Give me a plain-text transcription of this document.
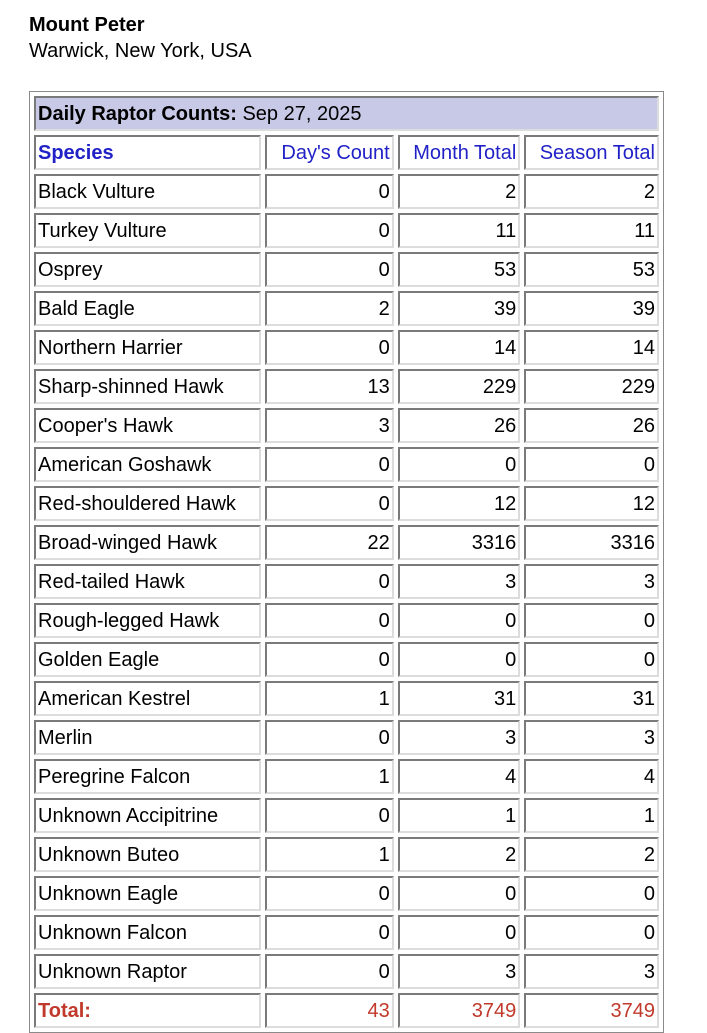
Mount Peter
Warwick, New York, USA
Daily Raptor Counts: Sep 27, 2025			
Species	Day's Count	Month Total	Season Total
Black Vulture	0	2	2
Turkey Vulture	0	11	11
Osprey	0	53	53
Bald Eagle	2	39	39
Northern Harrier	0	14	14
Sharp-shinned Hawk	13	229	229
Cooper's Hawk	3	26	26
American Goshawk	0	0	0
Red-shouldered Hawk	0	12	12
Broad-winged Hawk	22	3316	3316
Red-tailed Hawk	0	3	3
Rough-legged Hawk	0	0	0
Golden Eagle	0	0	0
American Kestrel	1	31	31
Merlin	0	3	3
Peregrine Falcon	1	4	4
Unknown Accipitrine	0	1	1
Unknown Buteo	1	2	2
Unknown Eagle	0	0	0
Unknown Falcon	0	0	0
Unknown Raptor	0	3	3
Total:	43	3749	3749
